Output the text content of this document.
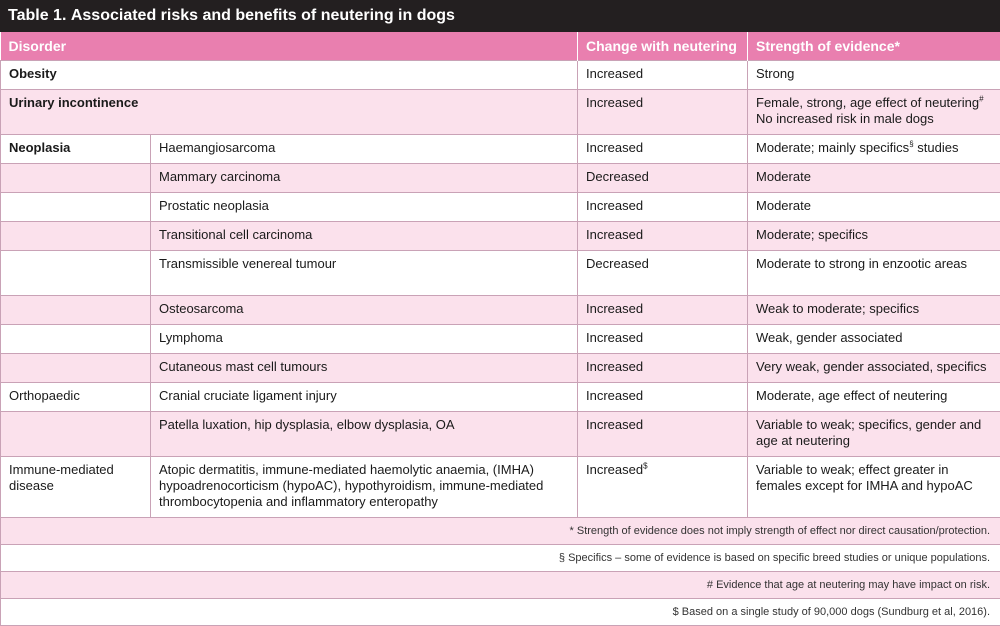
Table 1. Associated risks and benefits of neutering in dogs
Disorder		Change with neutering	Strength of evidence*
Obesity		Increased	Strong
Urinary incontinence		Increased	Female, strong, age effect of neutering#
No increased risk in male dogs
Neoplasia	Haemangiosarcoma	Increased	Moderate; mainly specifics§ studies
	Mammary carcinoma	Decreased	Moderate
	Prostatic neoplasia	Increased	Moderate
	Transitional cell carcinoma	Increased	Moderate; specifics
	Transmissible venereal tumour	Decreased	Moderate to strong in enzootic areas
	Osteosarcoma	Increased	Weak to moderate; specifics
	Lymphoma	Increased	Weak, gender associated
	Cutaneous mast cell tumours	Increased	Very weak, gender associated, specifics
Orthopaedic	Cranial cruciate ligament injury	Increased	Moderate, age effect of neutering
	Patella luxation, hip dysplasia, elbow dysplasia, OA	Increased	Variable to weak; specifics, gender and
age at neutering
Immune-mediated
disease	Atopic dermatitis, immune-mediated haemolytic anaemia, (IMHA)
hypoadrenocorticism (hypoAC), hypothyroidism, immune-mediated
thrombocytopenia and inflammatory enteropathy	Increased$	Variable to weak; effect greater in
females except for IMHA and hypoAC
* Strength of evidence does not imply strength of effect nor direct causation/protection.			
§ Specifics – some of evidence is based on specific breed studies or unique populations.			
# Evidence that age at neutering may have impact on risk.			
$ Based on a single study of 90,000 dogs (Sundburg et al, 2016).			
